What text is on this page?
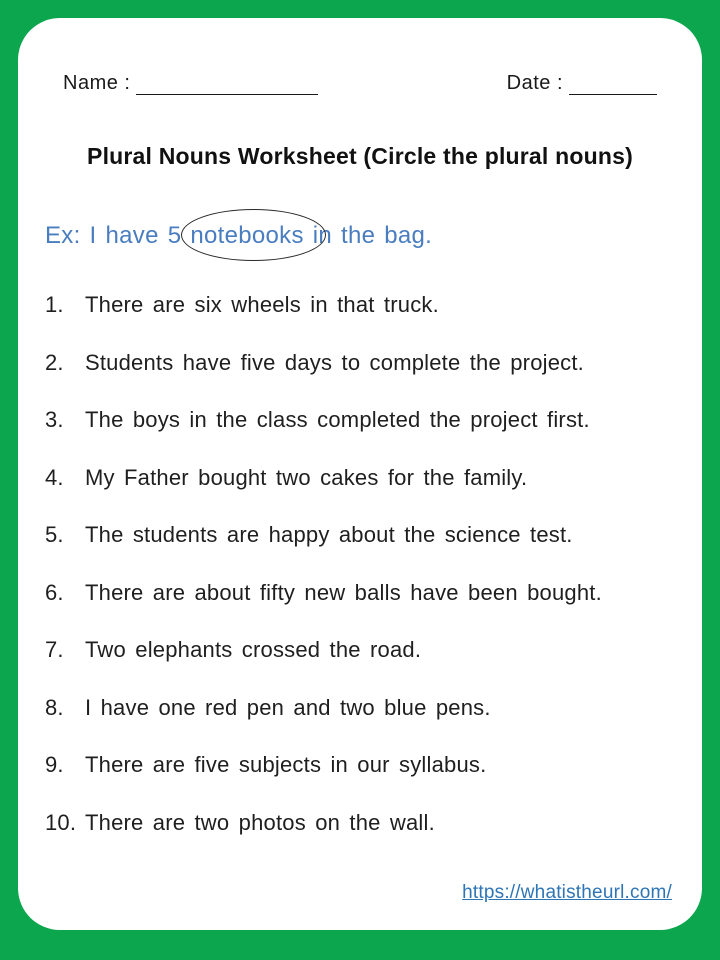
Name :	Date :
Plural Nouns Worksheet (Circle the plural nouns)
Ex: I have 5
notebooks in the bag.
1. There are six wheels in that truck.
2. Students have five days to complete the project.
3. The boys in the class completed the project first.
4. My Father bought two cakes for the family.
5. The students are happy about the science test.
6. There are about fifty new balls have been bought.
7. Two elephants crossed the road.
8. I have one red pen and two blue pens.
9. There are five subjects in our syllabus.
10. There are two photos on the wall.
https://whatistheurl.com/
